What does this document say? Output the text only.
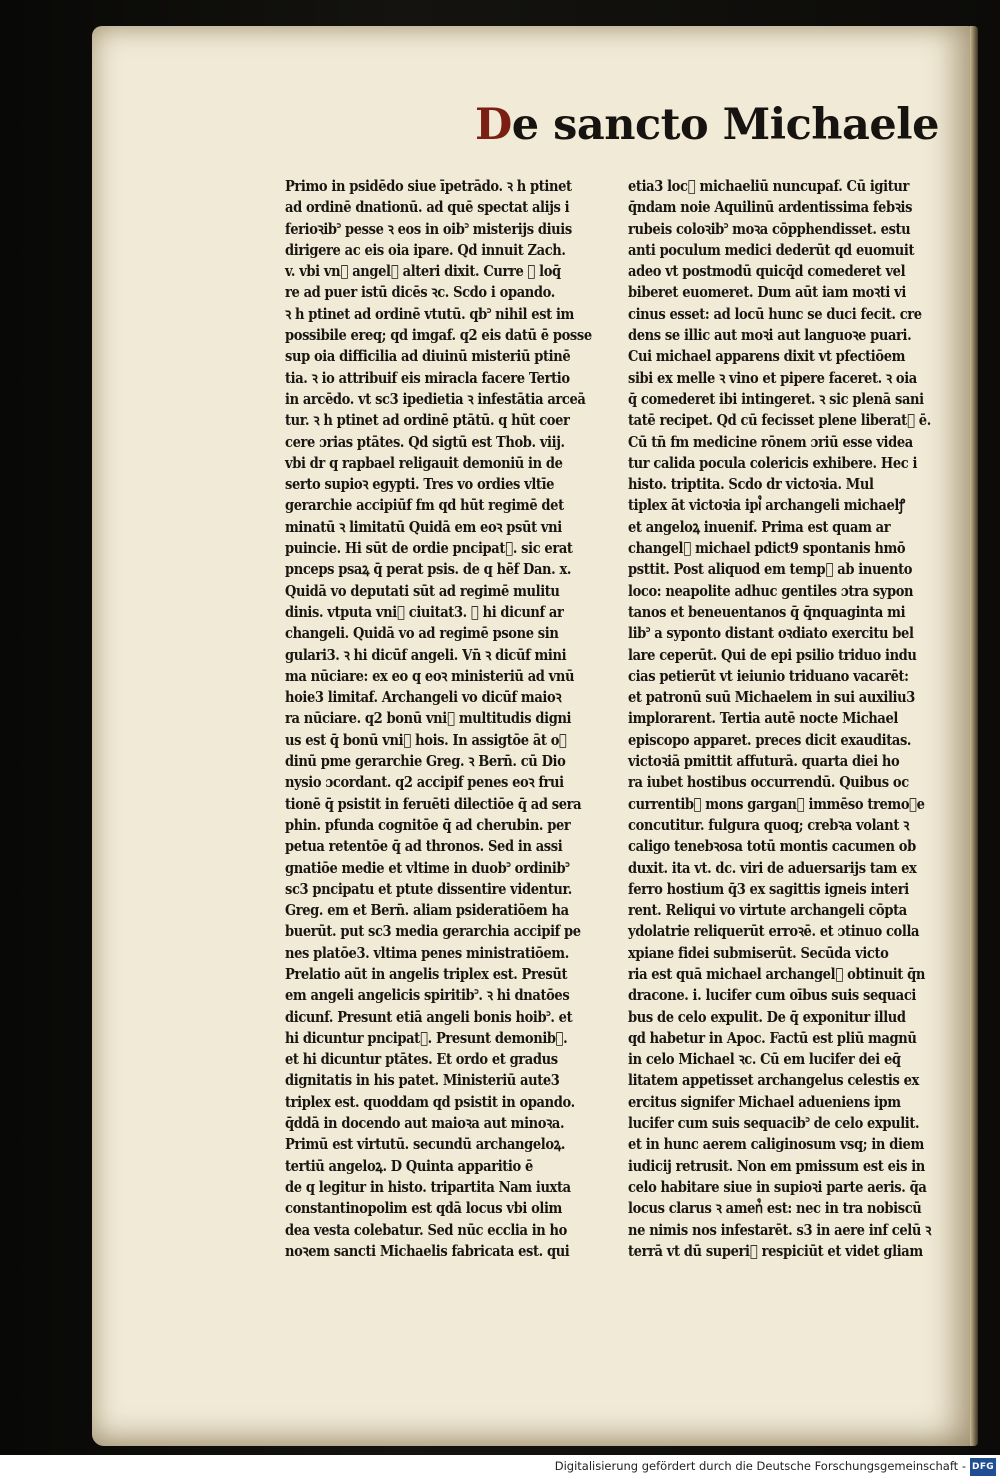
De sancto Michaele
Primo in psidēdo siue īpetrādo. ꝛ h ptinet
ad ordinē dnationū. ad quē spectat alijs i
ferioꝛib꜄ pesse ꝛ eos in oib꜄ misterijs diuis
dirigere ac eis oia ipare. Qd innuit Zach.
v. vbi vn᷒ angel᷒ alteri dixit. Curre ꝛ loq̄
re ad puer istū dicēs ꝛc. Scdo i opando.
ꝛ h ptinet ad ordinē vtutū. qb꜄ nihil est im
possibile ereq; qd imgaf. q2 eis datū ē posse
sup oia difficilia ad diuinū misteriū ptinē
tia. ꝛ io attribuif eis miracla facere Tertio
in arcēdo. vt sc3 ipedietia ꝛ infestātia arceā
tur. ꝛ h ptinet ad ordinē ptātū. q hūt coer
cere ɔrias ptātes. Qd sigtū est Thob. viij.
vbi dr q rapbael religauit demoniū in de
serto supioꝛ egypti. Tres vo ordies vltīe
gerarchie accipiūf fm qd hūt regimē det
minatū ꝛ limitatū Quidā em eoꝛ psūt vni
puincie. Hi sūt de ordie pncipat᷒. sic erat
pnceps psaꝝ q̄ perat psis. de q hēf Dan. x.
Quidā vo deputati sūt ad regimē mulitu
dinis. vtputa vni᷒ ciuitat3. ꝛ hi dicunf ar
changeli. Quidā vo ad regimē psone sin
gulari3. ꝛ hi dicūf angeli. Vn̄ ꝛ dicūf mini
ma nūciare: ex eo q eoꝛ ministeriū ad vnū
hoie3 limitaf. Archangeli vo dicūf maioꝛ
ra nūciare. q2 bonū vni᷒ multitudis digni
us est q̄ bonū vni᷒ hois. In assigtōe āt oꝛ
dinū pme gerarchie Greg. ꝛ Bern̄. cū Dio
nysio ɔcordant. q2 accipif penes eoꝛ frui
tionē q̄ psistit in feruēti dilectiōe q̄ ad sera
phin. pfunda cognitōe q̄ ad cherubin. per
petua retentōe q̄ ad thronos. Sed in assi
gnatiōe medie et vltime in duob꜄ ordinib꜄
sc3 pncipatu et ptute dissentire videntur.
Greg. em et Bern̄. aliam psideratiōem ha
buerūt. put sc3 media gerarchia accipif pe
nes platōe3. vltima penes ministratiōem.
Prelatio aūt in angelis triplex est. Presūt
em angeli angelicis spiritib꜄. ꝛ hi dnatōes
dicunf. Presunt etiā angeli bonis hoib꜄. et
hi dicuntur pncipat᷒. Presunt demonib꜄.
et hi dicuntur ptātes. Et ordo et gradus
dignitatis in his patet. Ministeriū aute3
triplex est. quoddam qd psistit in opando.
q̄ddā in docendo aut maioꝛa aut minoꝛa.
Primū est virtutū. secundū archangeloꝝ.
tertiū angeloꝝ. D Quinta apparitio ē
de q legitur in histo. tripartita Nam iuxta
constantinopolim est qdā locus vbi olim
dea vesta colebatur. Sed nūc ecclia in ho
noꝛem sancti Michaelis fabricata est. qui
etia3 loc᷒ michaeliū nuncupaf. Cū igitur
q̄ndam noie Aquilinū ardentissima febꝛis
rubeis coloꝛib꜄ moꝛa cōpphendisset. estu
anti poculum medici dederūt qd euomuit
adeo vt postmodū quicq̄d comederet vel
biberet euomeret. Dum aūt iam moꝛti vi
cinus esset: ad locū hunc se duci fecit. cre
dens se illic aut moꝛi aut languoꝛe puari.
Cui michael apparens dixit vt pfectiōem
sibi ex melle ꝛ vino et pipere faceret. ꝛ oia
q̄ comederet ibi intingeret. ꝛ sic plenā sani
tatē recipet. Qd cū fecisset plene liberat᷒ ē.
Cū tn̄ fm medicine rōnem ɔriū esse videa
tur calida pocula colericis exhibere. Hec i
histo. triptita. Scdo dr victoꝛia. Mul
tiplex āt victoꝛia ipi᷒ archangeli michaelꝭ
et angeloꝝ inuenif. Prima est quam ar
changel᷒ michael pdict9 spontanis hmō
psttit. Post aliquod em temp᷒ ab inuento
loco: neapolite adhuc gentiles ɔtra sypon
tanos et beneuentanos q̄ q̄nquaginta mi
lib꜄ a syponto distant oꝛdiato exercitu bel
lare ceperūt. Qui de epi psilio triduo indu
cias petierūt vt ieiunio triduano vacarēt:
et patronū suū Michaelem in sui auxiliu3
implorarent. Tertia autē nocte Michael
episcopo apparet. preces dicit exauditas.
victoꝛiā pmittit affuturā. quarta diei ho
ra iubet hostibus occurrendū. Quibus oc
currentib꜄ mons gargan᷒ immēso tremoꝛe
concutitur. fulgura quoq; crebꝛa volant ꝛ
caligo tenebꝛosa totū montis cacumen ob
duxit. ita vt. dc. viri de aduersarijs tam ex
ferro hostium q̄3 ex sagittis igneis interi
rent. Reliqui vo virtute archangeli cōpta
ydolatrie reliquerūt erroꝛē. et ɔtinuo colla
xpiane fidei submiserūt. Secūda victo
ria est quā michael archangel᷒ obtinuit q̄n
dracone. i. lucifer cum oībus suis sequaci
bus de celo expulit. De q̄ exponitur illud
qd habetur in Apoc. Factū est pliū magnū
in celo Michael ꝛc. Cū em lucifer dei eq̄
litatem appetisset archangelus celestis ex
ercitus signifer Michael adueniens ipm
lucifer cum suis sequacib꜄ de celo expulit.
et in hunc aerem caliginosum vsq; in diem
iudicij retrusit. Non em pmissum est eis in
celo habitare siue in supioꝛi parte aeris. q̄a
locus clarus ꝛ amen᷒ est: nec in tra nobiscū
ne nimis nos infestarēt. s3 in aere inf celū ꝛ
terrā vt dū superi᷒ respiciūt et videt gliam
Digitalisierung gefördert durch die Deutsche Forschungsgemeinschaft - DFG
